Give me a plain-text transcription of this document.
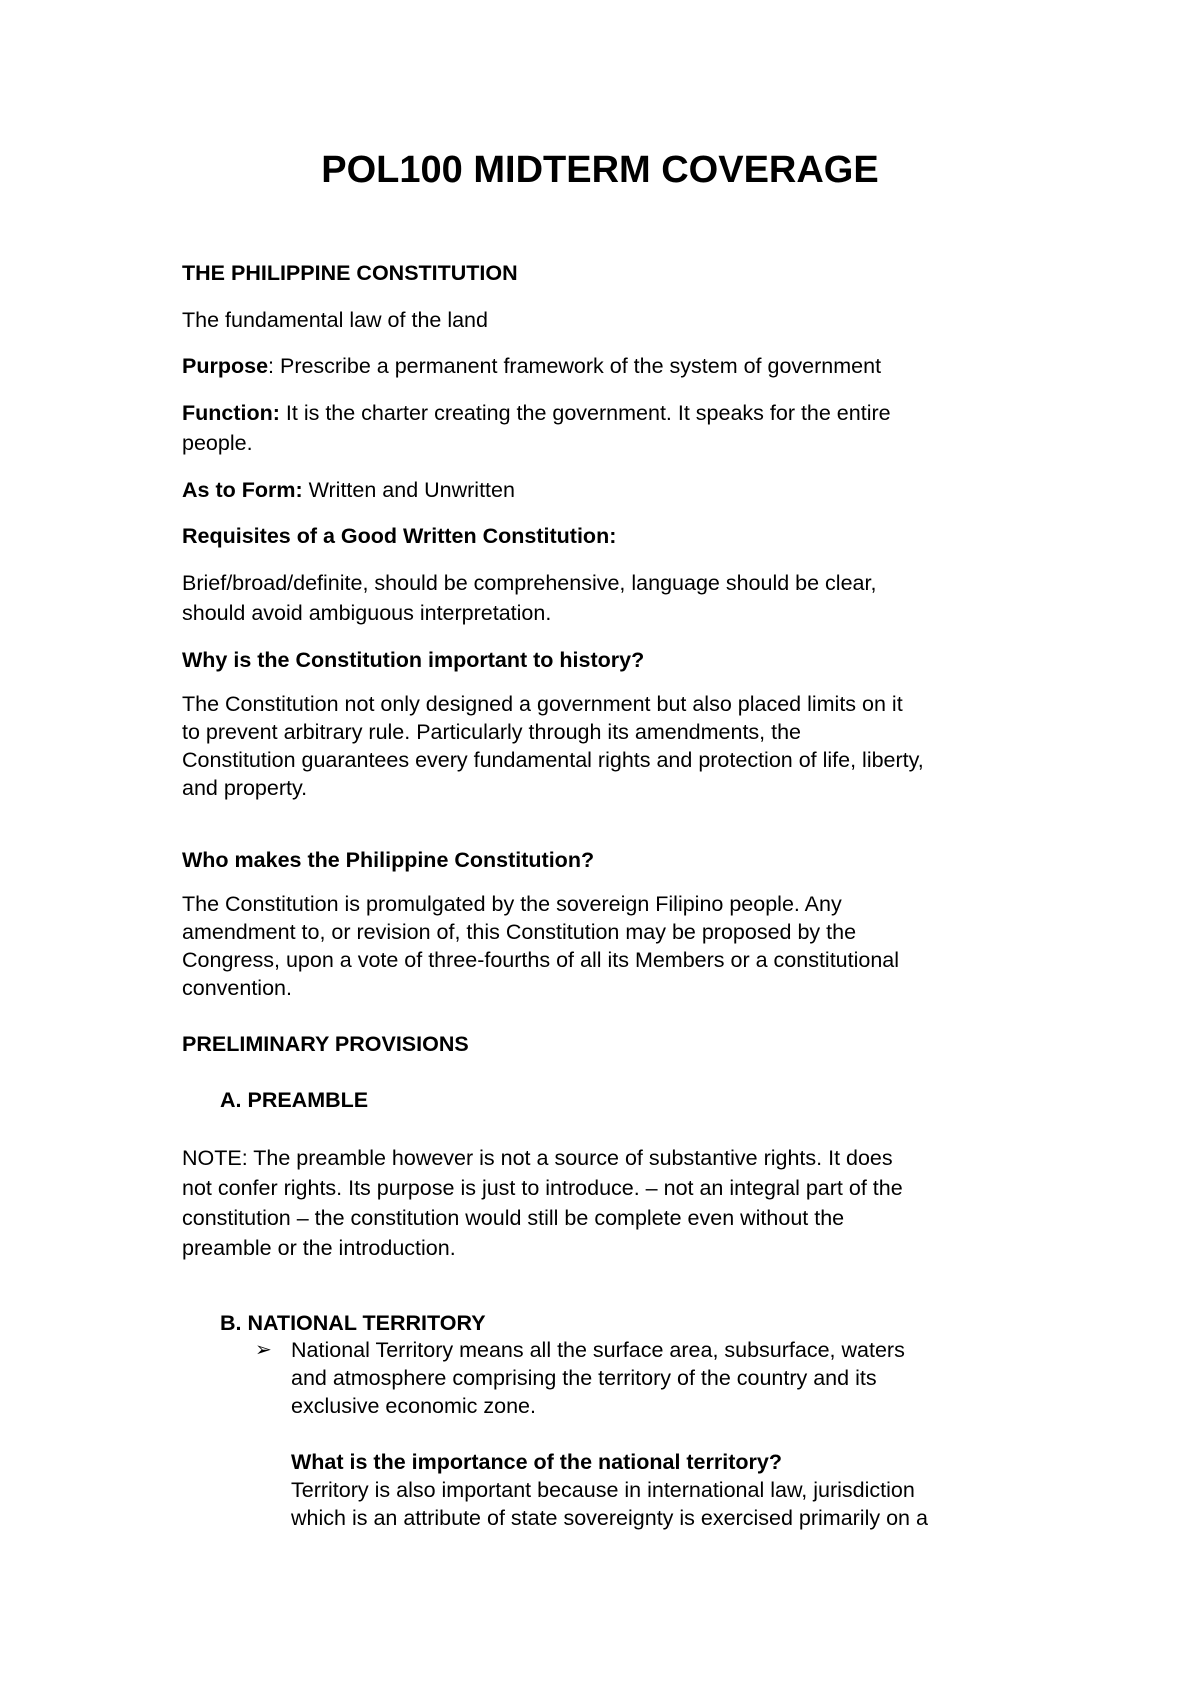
POL100 MIDTERM COVERAGE
THE PHILIPPINE CONSTITUTION
The fundamental law of the land
Purpose: Prescribe a permanent framework of the system of government
Function: It is the charter creating the government. It speaks for the entire
people.
As to Form: Written and Unwritten
Requisites of a Good Written Constitution:
Brief/broad/definite, should be comprehensive, language should be clear,
should avoid ambiguous interpretation.
Why is the Constitution important to history?
The Constitution not only designed a government but also placed limits on it
to prevent arbitrary rule. Particularly through its amendments, the
Constitution guarantees every fundamental rights and protection of life, liberty,
and property.
Who makes the Philippine Constitution?
The Constitution is promulgated by the sovereign Filipino people. Any
amendment to, or revision of, this Constitution may be proposed by the
Congress, upon a vote of three-fourths of all its Members or a constitutional
convention.
PRELIMINARY PROVISIONS
A. PREAMBLE
NOTE: The preamble however is not a source of substantive rights. It does
not confer rights. Its purpose is just to introduce. – not an integral part of the
constitution – the constitution would still be complete even without the
preamble or the introduction.
B. NATIONAL TERRITORY
➢ National Territory means all the surface area, subsurface, waters
and atmosphere comprising the territory of the country and its
exclusive economic zone.
What is the importance of the national territory?
Territory is also important because in international law, jurisdiction
which is an attribute of state sovereignty is exercised primarily on a
